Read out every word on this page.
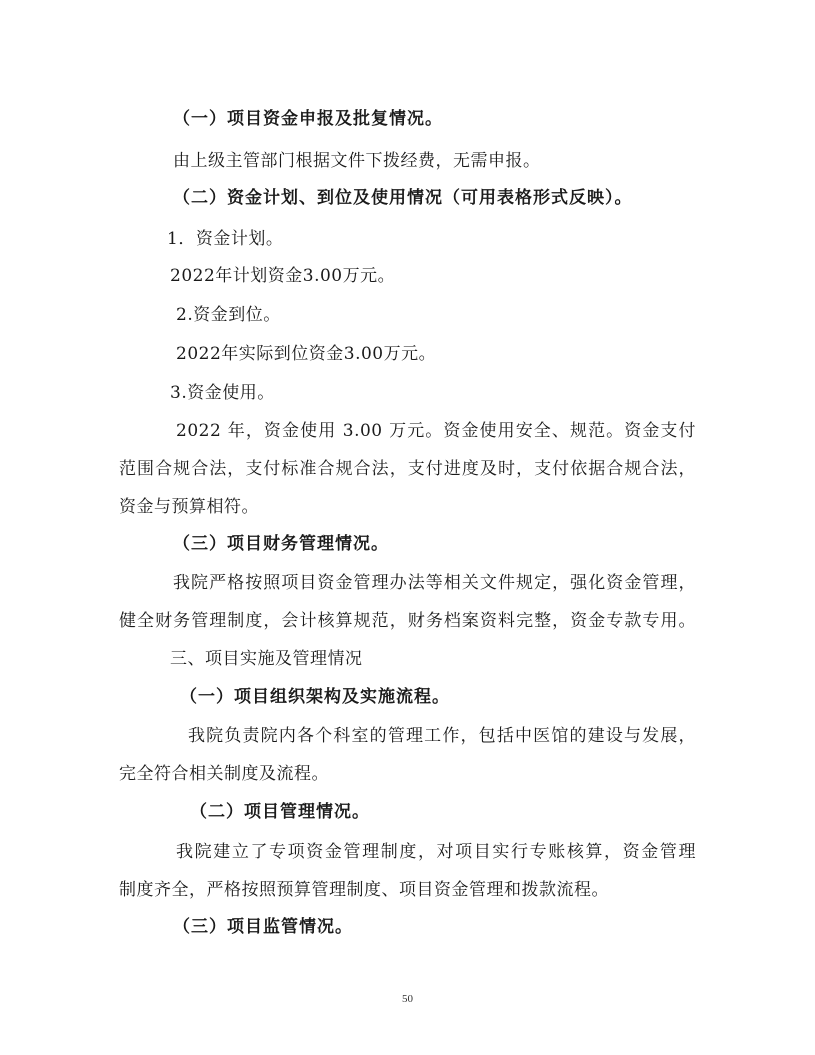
（一）项目资金申报及批复情况。
由上级主管部门根据文件下拨经费，无需申报。
（二）资金计划、到位及使用情况（可用表格形式反映）。
1．资金计划。
2022年计划资金3.00万元。
2.资金到位。
2022年实际到位资金3.00万元。
3.资金使用。
2022 年，资金使用 3.00 万元。资金使用安全、规范。资金支付
范围合规合法，支付标准合规合法，支付进度及时，支付依据合规合法，
资金与预算相符。
（三）项目财务管理情况。
我院严格按照项目资金管理办法等相关文件规定，强化资金管理，
健全财务管理制度，会计核算规范，财务档案资料完整，资金专款专用。
三、项目实施及管理情况
（一）项目组织架构及实施流程。
我院负责院内各个科室的管理工作，包括中医馆的建设与发展，
完全符合相关制度及流程。
（二）项目管理情况。
我院建立了专项资金管理制度，对项目实行专账核算，资金管理
制度齐全，严格按照预算管理制度、项目资金管理和拨款流程。
（三）项目监管情况。
50
